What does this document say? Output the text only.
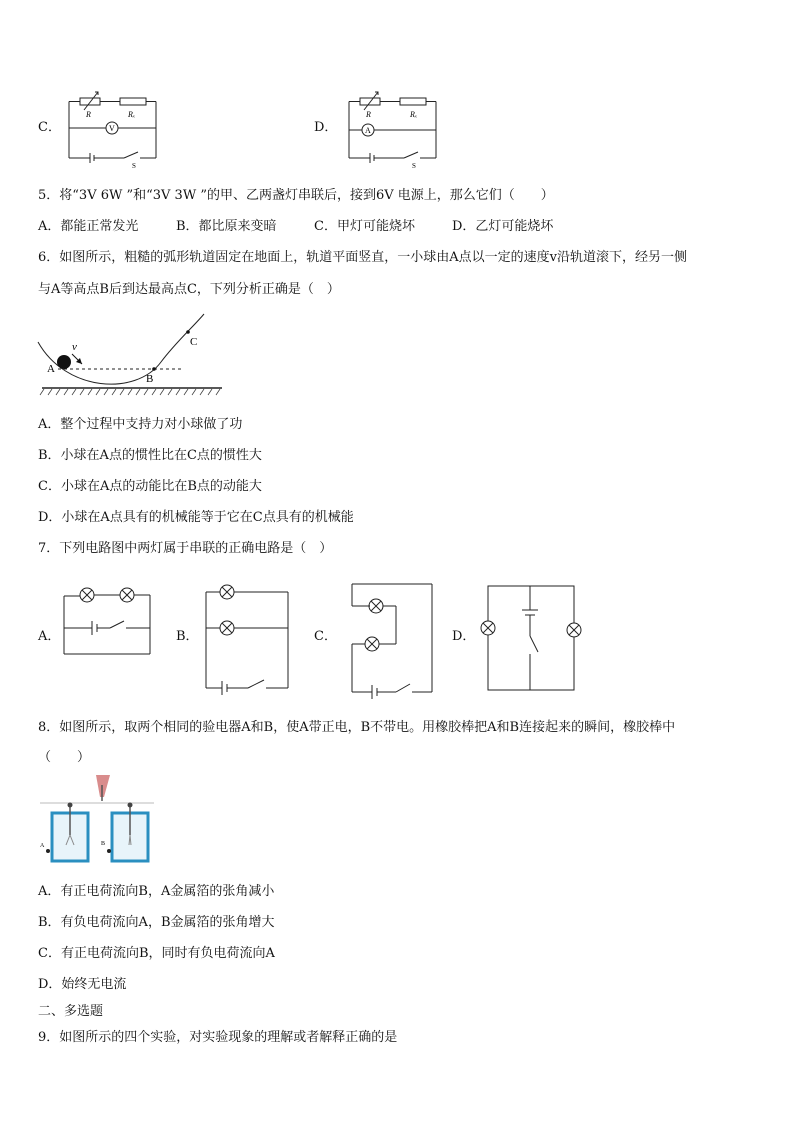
C．
R	Rₓ
V
S
D．
R	Rₓ
A
S
5．将“3V 6W ”和“3V 3W ”的甲、乙两盏灯串联后，接到6V 电源上，那么它们（　　）
A．都能正常发光	B．都比原来变暗	C．甲灯可能烧坏	D．乙灯可能烧坏
6．如图所示，粗糙的弧形轨道固定在地面上，轨道平面竖直，一小球由A点以一定的速度v沿轨道滚下，经另一侧
与A等高点B后到达最高点C，下列分析正确是（　）
v
A
B
C
A．整个过程中支持力对小球做了功
B．小球在A点的惯性比在C点的惯性大
C．小球在A点的动能比在B点的动能大
D．小球在A点具有的机械能等于它在C点具有的机械能
7．下列电路图中两灯属于串联的正确电路是（　）
A．	B．	C．	D．
8．如图所示，取两个相同的验电器A和B，使A带正电，B不带电。用橡胶棒把A和B连接起来的瞬间，橡胶棒中
（　　）
A	B
A．有正电荷流向B，A金属箔的张角减小
B．有负电荷流向A，B金属箔的张角增大
C．有正电荷流向B，同时有负电荷流向A
D．始终无电流
二、多选题
9．如图所示的四个实验，对实验现象的理解或者解释正确的是
